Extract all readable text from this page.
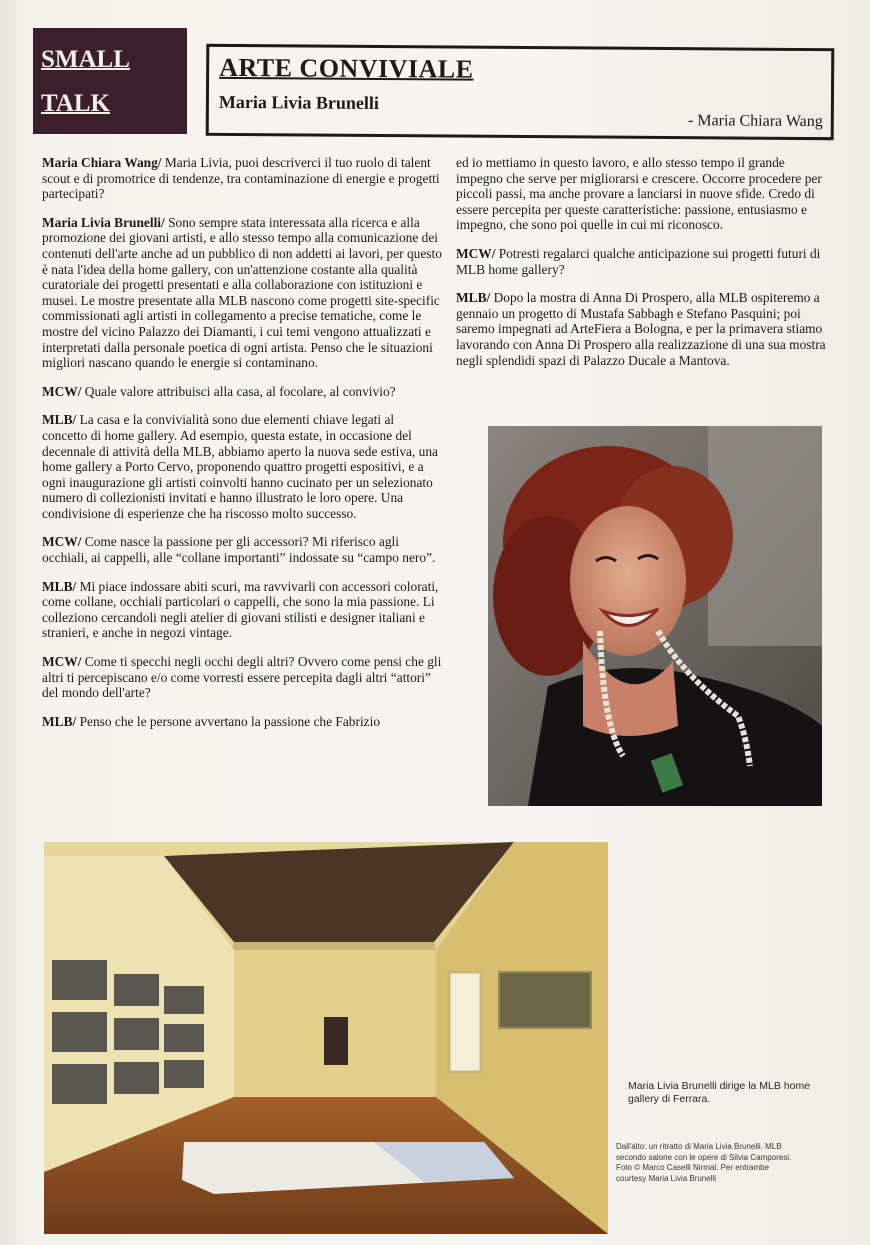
SMALL
TALK
ARTE CONVIVIALE
Maria Livia Brunelli
- Maria Chiara Wang

Maria Chiara Wang/ Maria Livia, puoi descriverci il tuo ruolo di talent scout e di promotrice di tendenze, tra contaminazione di energie e progetti partecipati?

Maria Livia Brunelli/ Sono sempre stata interessata alla ricerca e alla promozione dei giovani artisti, e allo stesso tempo alla comunicazione dei contenuti dell'arte anche ad un pubblico di non addetti ai lavori, per questo è nata l'idea della home gallery, con un'attenzione costante alla qualità curatoriale dei progetti presentati e alla collaborazione con istituzioni e musei. Le mostre presentate alla MLB nascono come progetti site-specific commissionati agli artisti in collegamento a precise tematiche, come le mostre del vicino Palazzo dei Diamanti, i cui temi vengono attualizzati e interpretati dalla personale poetica di ogni artista. Penso che le situazioni migliori nascano quando le energie si contaminano.

MCW/ Quale valore attribuisci alla casa, al focolare, al convivio?

MLB/ La casa e la convivialità sono due elementi chiave legati al concetto di home gallery. Ad esempio, questa estate, in occasione del decennale di attività della MLB, abbiamo aperto la nuova sede estiva, una home gallery a Porto Cervo, proponendo quattro progetti espositivi, e a ogni inaugurazione gli artisti coinvolti hanno cucinato per un selezionato numero di collezionisti invitati e hanno illustrato le loro opere. Una condivisione di esperienze che ha riscosso molto successo.

MCW/ Come nasce la passione per gli accessori? Mi riferisco agli occhiali, ai cappelli, alle “collane importanti” indossate su “campo nero”.

MLB/ Mi piace indossare abiti scuri, ma ravvivarli con accessori colorati, come collane, occhiali particolari o cappelli, che sono la mia passione. Li colleziono cercandoli negli atelier di giovani stilisti e designer italiani e stranieri, e anche in negozi vintage.

MCW/ Come ti specchi negli occhi degli altri? Ovvero come pensi che gli altri ti percepiscano e/o come vorresti essere percepita dagli altri “attori” del mondo dell'arte?

MLB/ Penso che le persone avvertano la passione che Fabrizio

ed io mettiamo in questo lavoro, e allo stesso tempo il grande impegno che serve per migliorarsi e crescere. Occorre procedere per piccoli passi, ma anche provare a lanciarsi in nuove sfide. Credo di essere percepita per queste caratteristiche: passione, entusiasmo e impegno, che sono poi quelle in cui mi riconosco.

MCW/ Potresti regalarci qualche anticipazione sui progetti futuri di MLB home gallery?

MLB/ Dopo la mostra di Anna Di Prospero, alla MLB ospiteremo a gennaio un progetto di Mustafa Sabbagh e Stefano Pasquini; poi saremo impegnati ad ArteFiera a Bologna, e per la primavera stiamo lavorando con Anna Di Prospero alla realizzazione di una sua mostra negli splendidi spazi di Palazzo Ducale a Mantova.

Maria Livia Brunelli dirige la MLB home gallery di Ferrara.
Dall'alto: un ritratto di Maria Livia Brunelli. MLB secondo salone con le opere di Silvia Camporesi. Foto © Marco Caselli Nirmal. Per entrambe courtesy Maria Livia Brunelli
